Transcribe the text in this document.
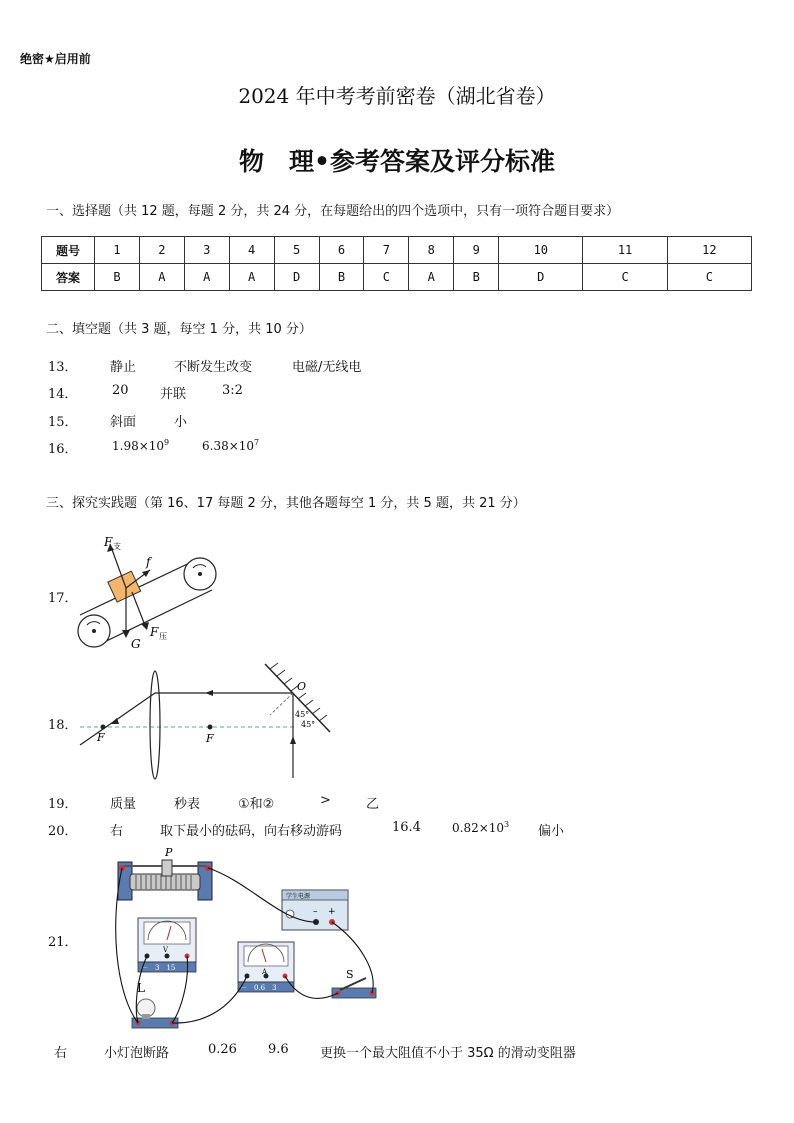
绝密★启用前
2024 年中考考前密卷（湖北省卷）
物　理•参考答案及评分标准
一、选择题（共 12 题，每题 2 分，共 24 分，在每题给出的四个选项中，只有一项符合题目要求）
题号	1	2	3	4	5	6	7	8	9	10	11	12
答案	B	A	A	A	D	B	C	A	B	D	C	C
二、填空题（共 3 题，每空 1 分，共 10 分）
13． 静止	不断发生改变	电磁/无线电
14．	20 并联	3:2
15． 斜面	小
16．	$1.98\times 10^9$	$6.38\times 10^7$
三、探究实践题（第 16、17 每题 2 分，其他各题每空 1 分，共 5 题，共 21 分）
17．
F 支
f
G
F 压
18．
F	F
O
45°
45°
19． 质量	秒表	①和②	>	乙
20． 右	取下最小的砝码，向右移动游码	16.4	$0.82\times 10^3$ 偏小
21．
P
V
－　3　15	A
－　0.6　3
– +
学生电源
L
S
右	小灯泡断路	0.26 9.6 更换一个最大阻值不小于 35Ω 的滑动变阻器
